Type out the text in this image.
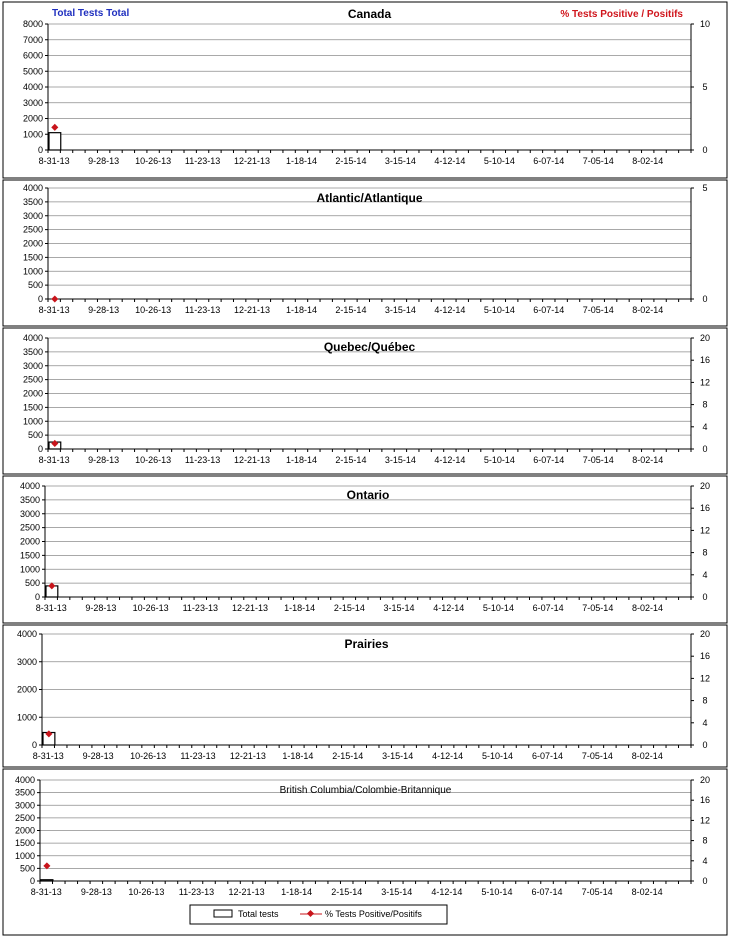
Total Tests Total	% Tests Positive / Positifs
0
1000
2000
3000
4000
5000
6000
7000
8000
0
5
10
8-31-13 9-28-13 10-26-13 11-23-13 12-21-13 1-18-14 2-15-14 3-15-14 4-12-14 5-10-14 6-07-14 7-05-14 8-02-14
Canada
0
500
1000
1500
2000
2500
3000
3500
4000
0
5
8-31-13 9-28-13 10-26-13 11-23-13 12-21-13 1-18-14 2-15-14 3-15-14 4-12-14 5-10-14 6-07-14 7-05-14 8-02-14
Atlantic/Atlantique
0
500
1000
1500
2000
2500
3000
3500
4000
0
4
8
12
16
20
8-31-13 9-28-13 10-26-13 11-23-13 12-21-13 1-18-14 2-15-14 3-15-14 4-12-14 5-10-14 6-07-14 7-05-14 8-02-14
Quebec/Québec
0
500
1000
1500
2000
2500
3000
3500
4000
0
4
8
12
16
20
8-31-13 9-28-13 10-26-13 11-23-13 12-21-13 1-18-14 2-15-14 3-15-14 4-12-14 5-10-14 6-07-14 7-05-14 8-02-14
Ontario
0
1000
2000
3000
4000
0
4
8
12
16
20
8-31-13 9-28-13 10-26-13 11-23-13 12-21-13 1-18-14 2-15-14 3-15-14 4-12-14 5-10-14 6-07-14 7-05-14 8-02-14
Prairies
0
500
1000
1500
2000
2500
3000
3500
4000
0
4
8
12
16
20
8-31-13 9-28-13 10-26-13 11-23-13 12-21-13 1-18-14 2-15-14 3-15-14 4-12-14 5-10-14 6-07-14 7-05-14 8-02-14
British Columbia/Colombie-Britannique
Total tests	% Tests Positive/Positifs
